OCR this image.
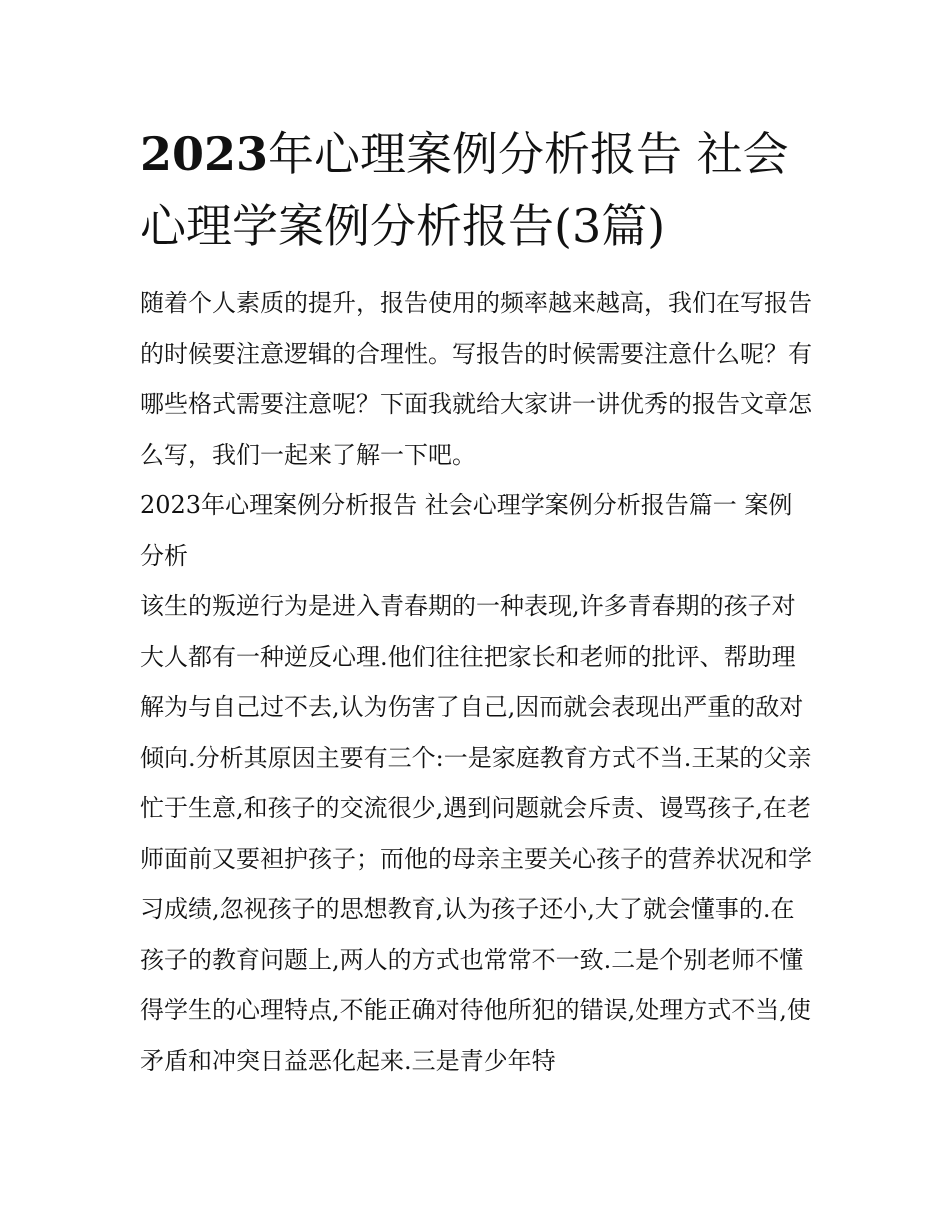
2023年心理案例分析报告 社会心理学案例分析报告(3篇)

随着个人素质的提升，报告使用的频率越来越高，我们在写报告的时候要注意逻辑的合理性。写报告的时候需要注意什么呢？有哪些格式需要注意呢？下面我就给大家讲一讲优秀的报告文章怎么写，我们一起来了解一下吧。

2023年心理案例分析报告 社会心理学案例分析报告篇一 案例分析

该生的叛逆行为是进入青春期的一种表现,许多青春期的孩子对大人都有一种逆反心理.他们往往把家长和老师的批评、帮助理解为与自己过不去,认为伤害了自己,因而就会表现出严重的敌对倾向.分析其原因主要有三个:一是家庭教育方式不当.王某的父亲忙于生意,和孩子的交流很少,遇到问题就会斥责、谩骂孩子,在老师面前又要袒护孩子；而他的母亲主要关心孩子的营养状况和学习成绩,忽视孩子的思想教育,认为孩子还小,大了就会懂事的.在孩子的教育问题上,两人的方式也常常不一致.二是个别老师不懂得学生的心理特点,不能正确对待他所犯的错误,处理方式不当,使矛盾和冲突日益恶化起来.三是青少年特
